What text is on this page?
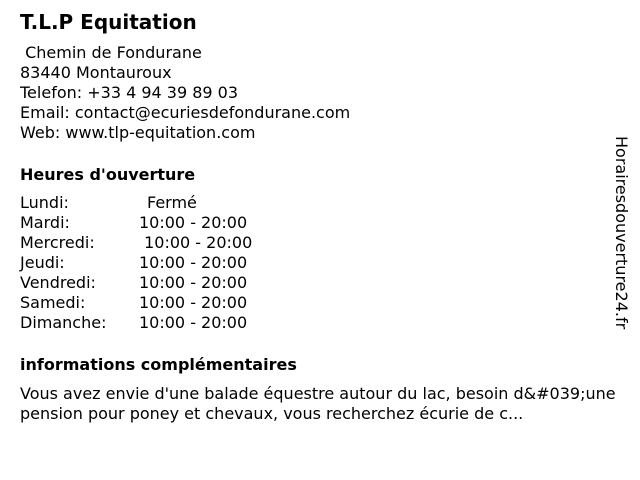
T.L.P Equitation
Chemin de Fondurane
83440 Montauroux
Telefon: +33 4 94 39 89 03
Email: contact@ecuriesdefondurane.com
Web: www.tlp-equitation.com
Heures d'ouverture
Lundi:	Fermé
Mardi:	10:00 - 20:00
Mercredi:	10:00 - 20:00
Jeudi:	10:00 - 20:00
Vendredi:	10:00 - 20:00
Samedi:	10:00 - 20:00
Dimanche: 10:00 - 20:00
informations complémentaires
Vous avez envie d'une balade équestre autour du lac, besoin d&#039;une pension pour poney et chevaux, vous recherchez écurie de c...
Horairesdouverture24.fr
